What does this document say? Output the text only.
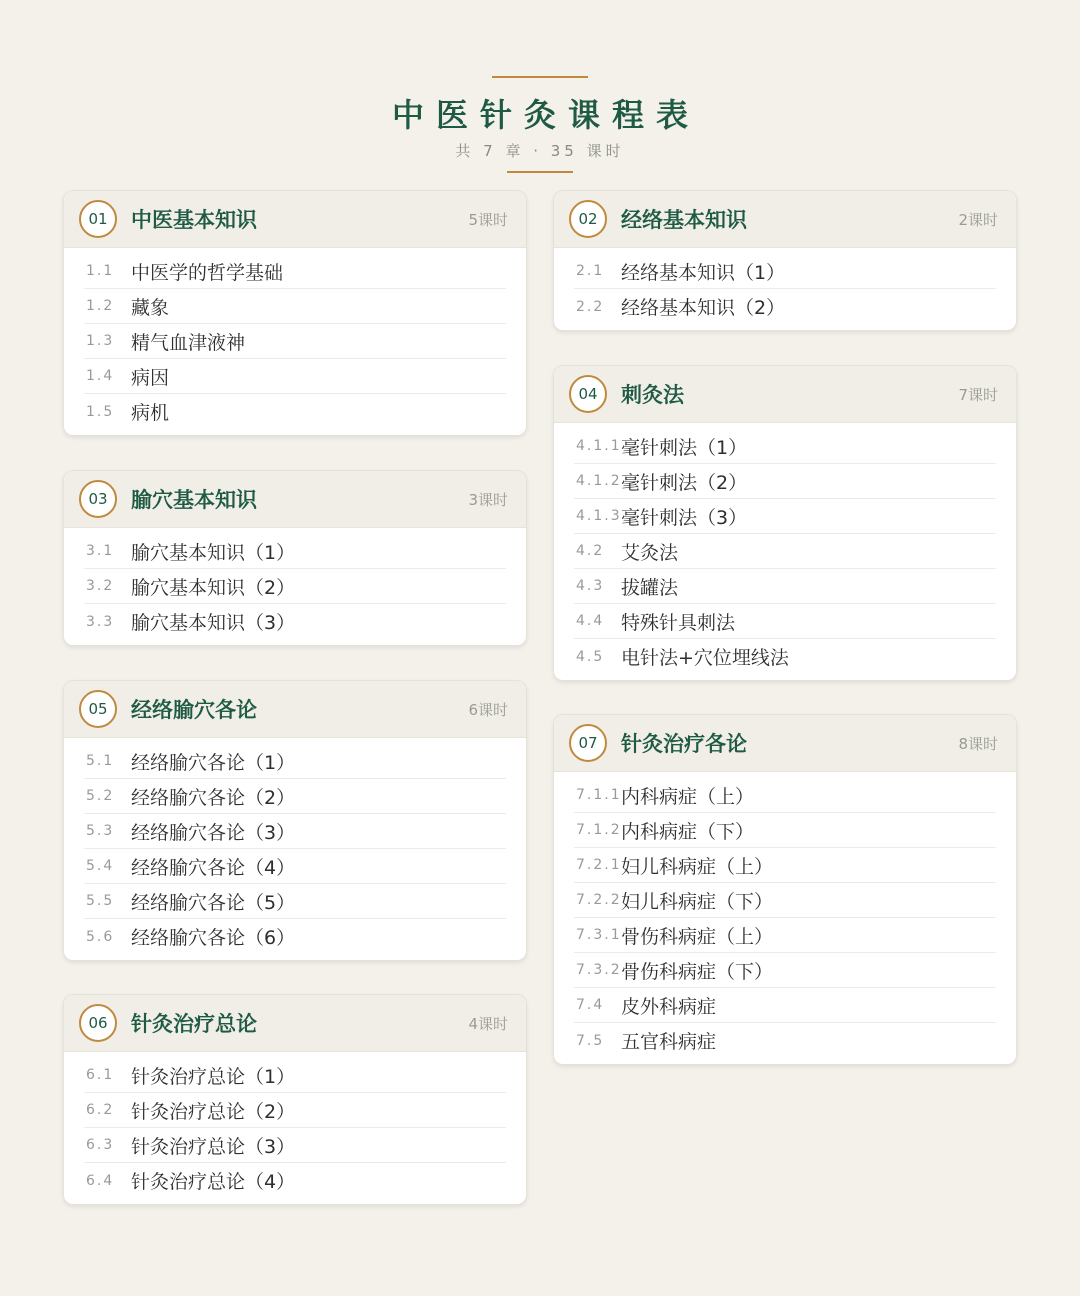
中医针灸课程表
共 7 章 · 35 课时
01	中医基本知识	5课时
1.1 中医学的哲学基础
1.2 藏象
1.3 精气血津液神
1.4 病因
1.5 病机
02	经络基本知识	2课时
2.1 经络基本知识（1）
2.2 经络基本知识（2）
03	腧穴基本知识	3课时
3.1 腧穴基本知识（1）
3.2 腧穴基本知识（2）
3.3 腧穴基本知识（3）
04	刺灸法	7课时
4.1.1 毫针刺法（1）
4.1.2 毫针刺法（2）
4.1.3 毫针刺法（3）
4.2 艾灸法
4.3 拔罐法
4.4 特殊针具刺法
4.5 电针法+穴位埋线法
05	经络腧穴各论	6课时
5.1 经络腧穴各论（1）
5.2 经络腧穴各论（2）
5.3 经络腧穴各论（3）
5.4 经络腧穴各论（4）
5.5 经络腧穴各论（5）
5.6 经络腧穴各论（6）
06	针灸治疗总论	4课时
6.1 针灸治疗总论（1）
6.2 针灸治疗总论（2）
6.3 针灸治疗总论（3）
6.4 针灸治疗总论（4）
07	针灸治疗各论	8课时
7.1.1 内科病症（上）
7.1.2 内科病症（下）
7.2.1 妇儿科病症（上）
7.2.2 妇儿科病症（下）
7.3.1 骨伤科病症（上）
7.3.2 骨伤科病症（下）
7.4 皮外科病症
7.5 五官科病症
